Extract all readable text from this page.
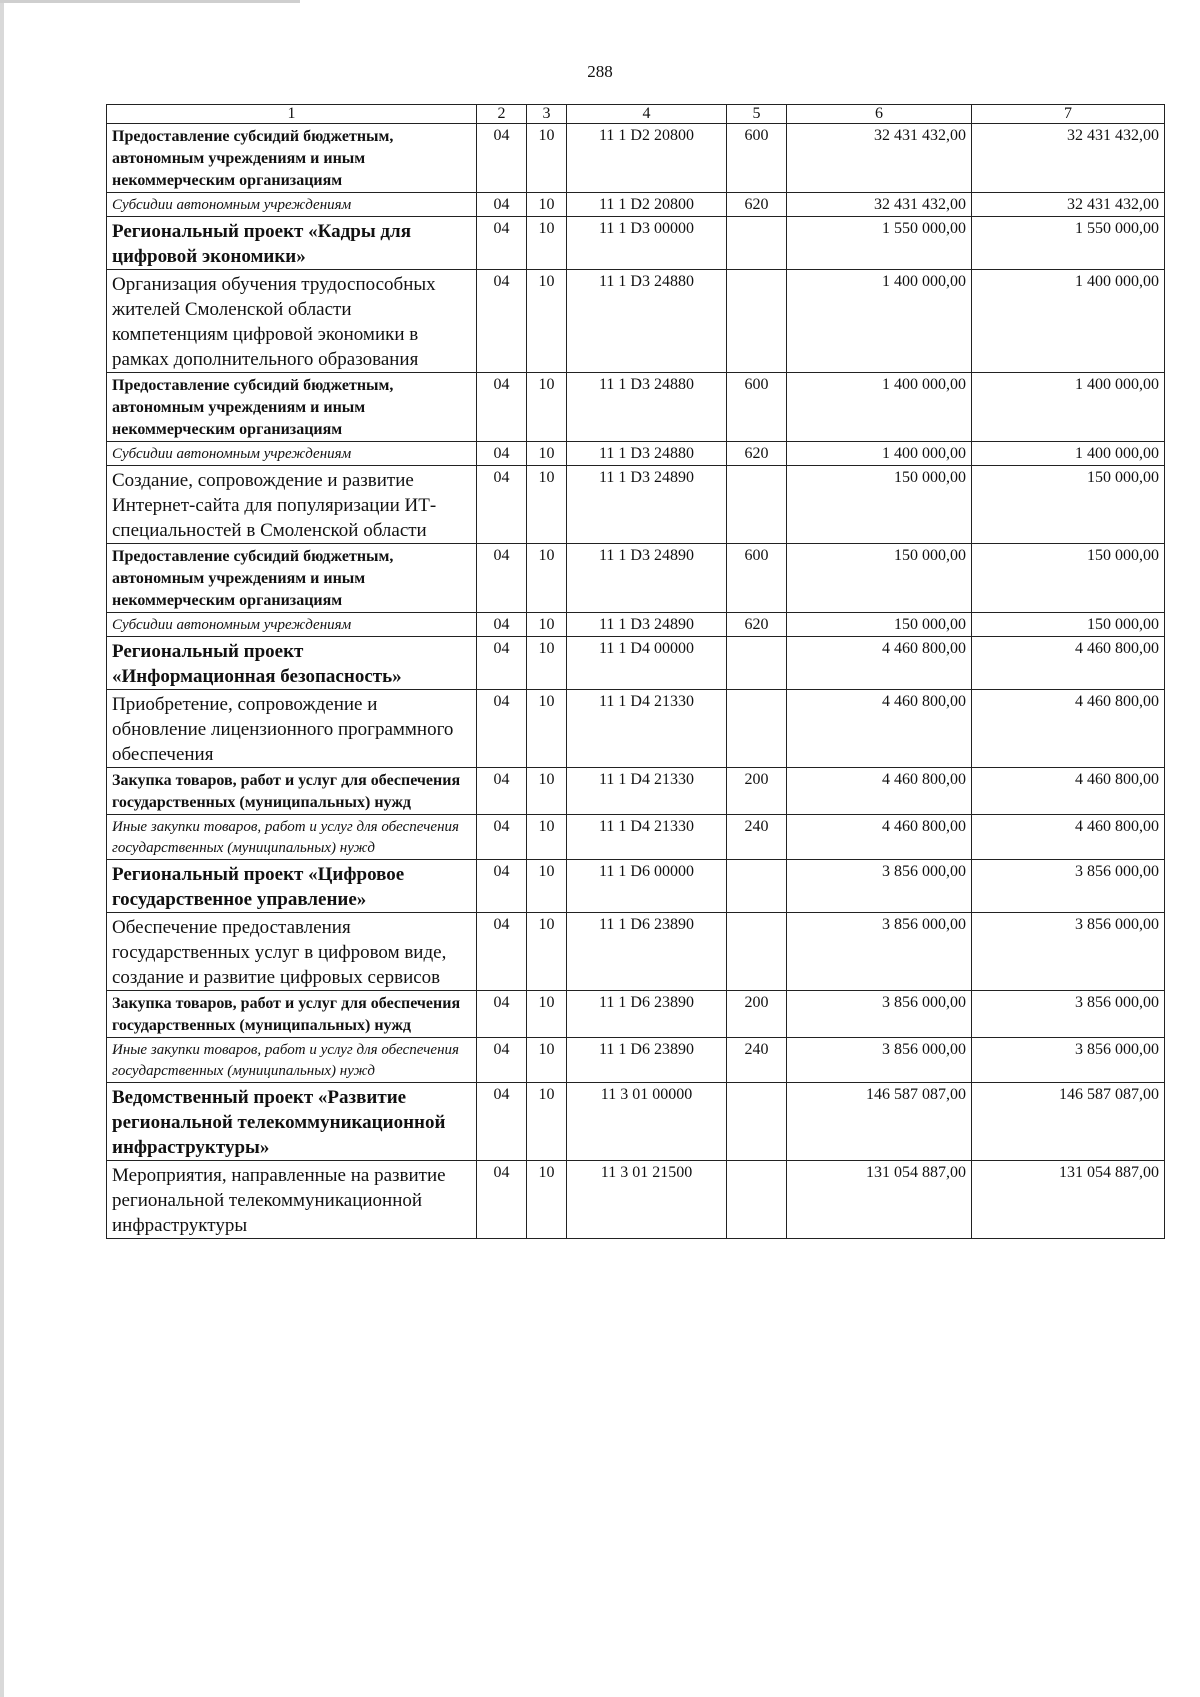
288
1	2	3	4	5	6	7
Предоставление субсидий бюджетным, автономным учреждениям и иным некоммерческим организациям	04	10	11 1 D2 20800	600	32 431 432,00	32 431 432,00
Субсидии автономным учреждениям	04	10	11 1 D2 20800	620	32 431 432,00	32 431 432,00
Региональный проект «Кадры для цифровой экономики»	04	10	11 1 D3 00000		1 550 000,00	1 550 000,00
Организация обучения трудоспособных жителей Смоленской области компетенциям цифровой экономики в рамках дополнительного образования	04	10	11 1 D3 24880		1 400 000,00	1 400 000,00
Предоставление субсидий бюджетным, автономным учреждениям и иным некоммерческим организациям	04	10	11 1 D3 24880	600	1 400 000,00	1 400 000,00
Субсидии автономным учреждениям	04	10	11 1 D3 24880	620	1 400 000,00	1 400 000,00
Создание, сопровождение и развитие Интернет-сайта для популяризации ИТ-специальностей в Смоленской области	04	10	11 1 D3 24890		150 000,00	150 000,00
Предоставление субсидий бюджетным, автономным учреждениям и иным некоммерческим организациям	04	10	11 1 D3 24890	600	150 000,00	150 000,00
Субсидии автономным учреждениям	04	10	11 1 D3 24890	620	150 000,00	150 000,00
Региональный проект «Информационная безопасность»	04	10	11 1 D4 00000		4 460 800,00	4 460 800,00
Приобретение, сопровождение и обновление лицензионного программного обеспечения	04	10	11 1 D4 21330		4 460 800,00	4 460 800,00
Закупка товаров, работ и услуг для обеспечения государственных (муниципальных) нужд	04	10	11 1 D4 21330	200	4 460 800,00	4 460 800,00
Иные закупки товаров, работ и услуг для обеспечения государственных (муниципальных) нужд	04	10	11 1 D4 21330	240	4 460 800,00	4 460 800,00
Региональный проект «Цифровое государственное управление»	04	10	11 1 D6 00000		3 856 000,00	3 856 000,00
Обеспечение предоставления государственных услуг в цифровом виде, создание и развитие цифровых сервисов	04	10	11 1 D6 23890		3 856 000,00	3 856 000,00
Закупка товаров, работ и услуг для обеспечения государственных (муниципальных) нужд	04	10	11 1 D6 23890	200	3 856 000,00	3 856 000,00
Иные закупки товаров, работ и услуг для обеспечения государственных (муниципальных) нужд	04	10	11 1 D6 23890	240	3 856 000,00	3 856 000,00
Ведомственный проект «Развитие региональной телекоммуникационной инфраструктуры»	04	10	11 3 01 00000		146 587 087,00	146 587 087,00
Мероприятия, направленные на развитие региональной телекоммуникационной инфраструктуры	04	10	11 3 01 21500		131 054 887,00	131 054 887,00
